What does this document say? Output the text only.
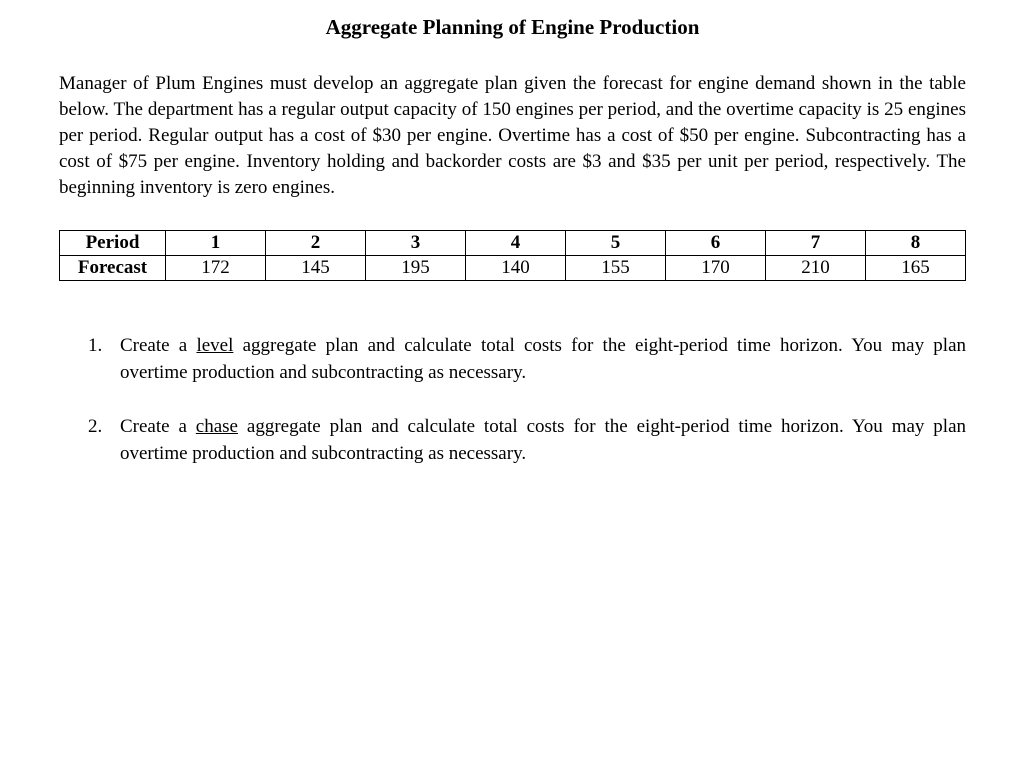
Aggregate Planning of Engine Production

Manager of Plum Engines must develop an aggregate plan given the forecast for engine demand shown in the table below. The department has a regular output capacity of 150 engines per period, and the overtime capacity is 25 engines per period. Regular output has a cost of $30 per engine. Overtime has a cost of $50 per engine. Subcontracting has a cost of $75 per engine. Inventory holding and backorder costs are $3 and $35 per unit per period, respectively. The beginning inventory is zero engines.

Period	1	2	3	4	5	6	7	8
Forecast	172	145	195	140	155	170	210	165
1. Create a level aggregate plan and calculate total costs for the eight-period time horizon. You may plan overtime production and subcontracting as necessary.
2. Create a chase aggregate plan and calculate total costs for the eight-period time horizon. You may plan overtime production and subcontracting as necessary.
